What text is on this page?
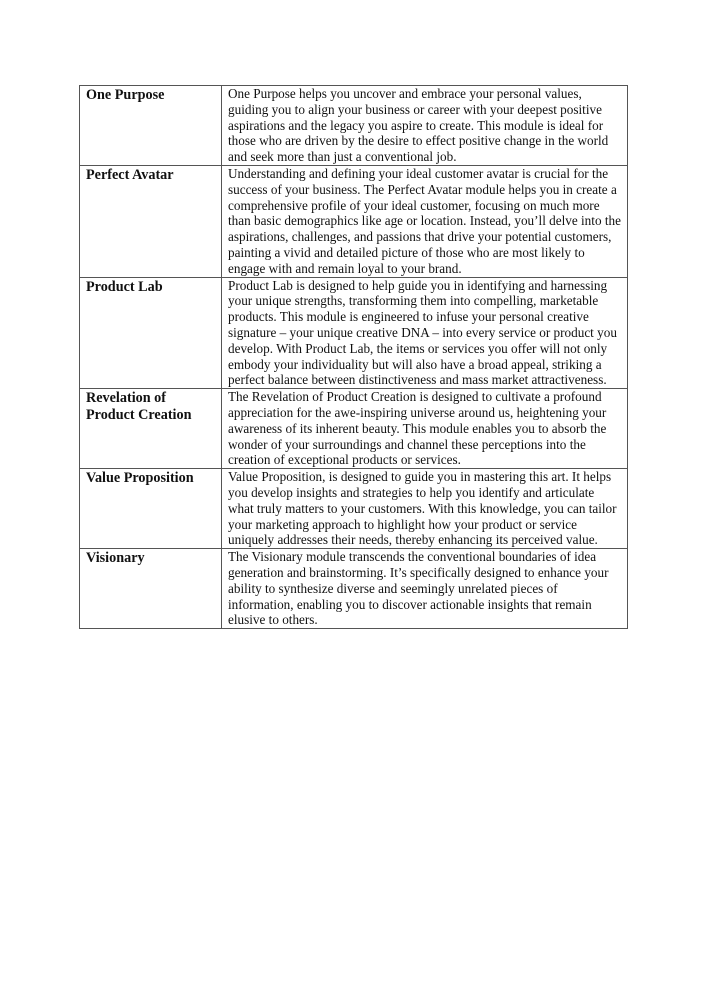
One Purpose	One Purpose helps you uncover and embrace your personal values, guiding you to align your business or career with your deepest positive aspirations and the legacy you aspire to create. This module is ideal for those who are driven by the desire to effect positive change in the world and seek more than just a conventional job.
Perfect Avatar	Understanding and defining your ideal customer avatar is crucial for the success of your business. The Perfect Avatar module helps you in create a comprehensive profile of your ideal customer, focusing on much more than basic demographics like age or location. Instead, you’ll delve into the aspirations, challenges, and passions that drive your potential customers, painting a vivid and detailed picture of those who are most likely to engage with and remain loyal to your brand.
Product Lab	Product Lab is designed to help guide you in identifying and harnessing your unique strengths, transforming them into compelling, marketable products. This module is engineered to infuse your personal creative signature – your unique creative DNA – into every service or product you develop. With Product Lab, the items or services you offer will not only embody your individuality but will also have a broad appeal, striking a perfect balance between distinctiveness and mass market attractiveness.
Revelation of Product Creation	The Revelation of Product Creation is designed to cultivate a profound appreciation for the awe-inspiring universe around us, heightening your awareness of its inherent beauty. This module enables you to absorb the wonder of your surroundings and channel these perceptions into the creation of exceptional products or services.
Value Proposition	Value Proposition, is designed to guide you in mastering this art. It helps you develop insights and strategies to help you identify and articulate what truly matters to your customers. With this knowledge, you can tailor your marketing approach to highlight how your product or service uniquely addresses their needs, thereby enhancing its perceived value.
Visionary	The Visionary module transcends the conventional boundaries of idea generation and brainstorming. It’s specifically designed to enhance your ability to synthesize diverse and seemingly unrelated pieces of information, enabling you to discover actionable insights that remain elusive to others.
